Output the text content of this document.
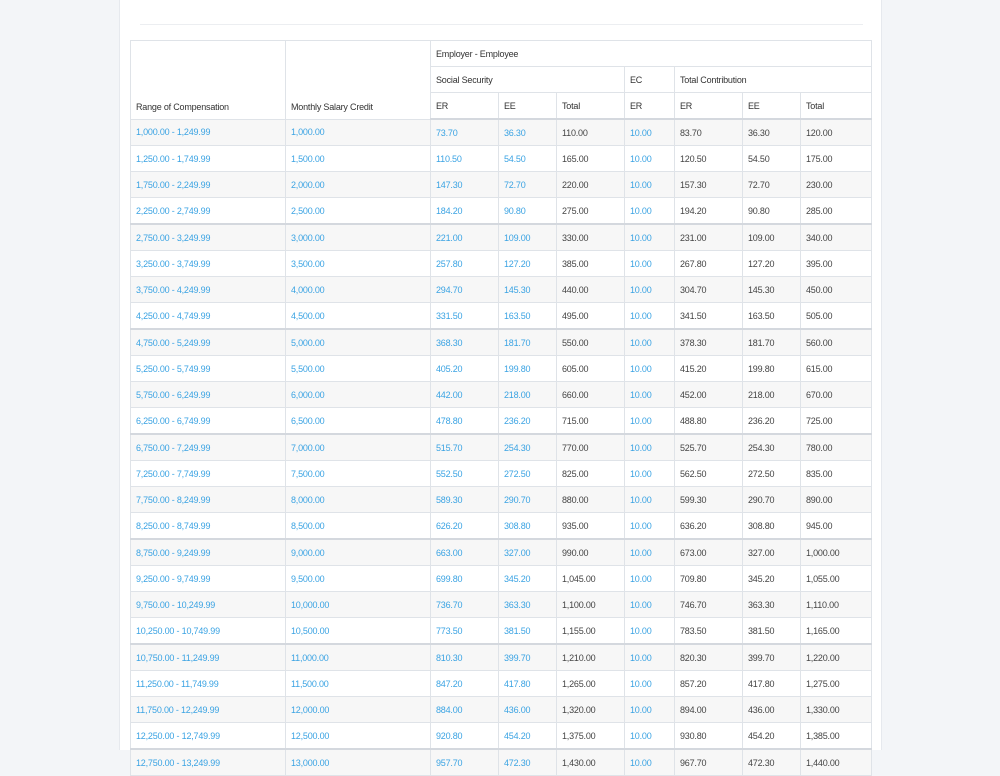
Range of Compensation	Monthly Salary Credit	Employer - Employee						
		Social Security			EC	Total Contribution		
		ER	EE	Total	ER	ER	EE	Total
1,000.00 - 1,249.99	1,000.00	73.70	36.30	110.00	10.00	83.70	36.30	120.00
1,250.00 - 1,749.99	1,500.00	110.50	54.50	165.00	10.00	120.50	54.50	175.00
1,750.00 - 2,249.99	2,000.00	147.30	72.70	220.00	10.00	157.30	72.70	230.00
2,250.00 - 2,749.99	2,500.00	184.20	90.80	275.00	10.00	194.20	90.80	285.00
2,750.00 - 3,249.99	3,000.00	221.00	109.00	330.00	10.00	231.00	109.00	340.00
3,250.00 - 3,749.99	3,500.00	257.80	127.20	385.00	10.00	267.80	127.20	395.00
3,750.00 - 4,249.99	4,000.00	294.70	145.30	440.00	10.00	304.70	145.30	450.00
4,250.00 - 4,749.99	4,500.00	331.50	163.50	495.00	10.00	341.50	163.50	505.00
4,750.00 - 5,249.99	5,000.00	368.30	181.70	550.00	10.00	378.30	181.70	560.00
5,250.00 - 5,749.99	5,500.00	405.20	199.80	605.00	10.00	415.20	199.80	615.00
5,750.00 - 6,249.99	6,000.00	442.00	218.00	660.00	10.00	452.00	218.00	670.00
6,250.00 - 6,749.99	6,500.00	478.80	236.20	715.00	10.00	488.80	236.20	725.00
6,750.00 - 7,249.99	7,000.00	515.70	254.30	770.00	10.00	525.70	254.30	780.00
7,250.00 - 7,749.99	7,500.00	552.50	272.50	825.00	10.00	562.50	272.50	835.00
7,750.00 - 8,249.99	8,000.00	589.30	290.70	880.00	10.00	599.30	290.70	890.00
8,250.00 - 8,749.99	8,500.00	626.20	308.80	935.00	10.00	636.20	308.80	945.00
8,750.00 - 9,249.99	9,000.00	663.00	327.00	990.00	10.00	673.00	327.00	1,000.00
9,250.00 - 9,749.99	9,500.00	699.80	345.20	1,045.00	10.00	709.80	345.20	1,055.00
9,750.00 - 10,249.99	10,000.00	736.70	363.30	1,100.00	10.00	746.70	363.30	1,110.00
10,250.00 - 10,749.99	10,500.00	773.50	381.50	1,155.00	10.00	783.50	381.50	1,165.00
10,750.00 - 11,249.99	11,000.00	810.30	399.70	1,210.00	10.00	820.30	399.70	1,220.00
11,250.00 - 11,749.99	11,500.00	847.20	417.80	1,265.00	10.00	857.20	417.80	1,275.00
11,750.00 - 12,249.99	12,000.00	884.00	436.00	1,320.00	10.00	894.00	436.00	1,330.00
12,250.00 - 12,749.99	12,500.00	920.80	454.20	1,375.00	10.00	930.80	454.20	1,385.00
12,750.00 - 13,249.99	13,000.00	957.70	472.30	1,430.00	10.00	967.70	472.30	1,440.00
